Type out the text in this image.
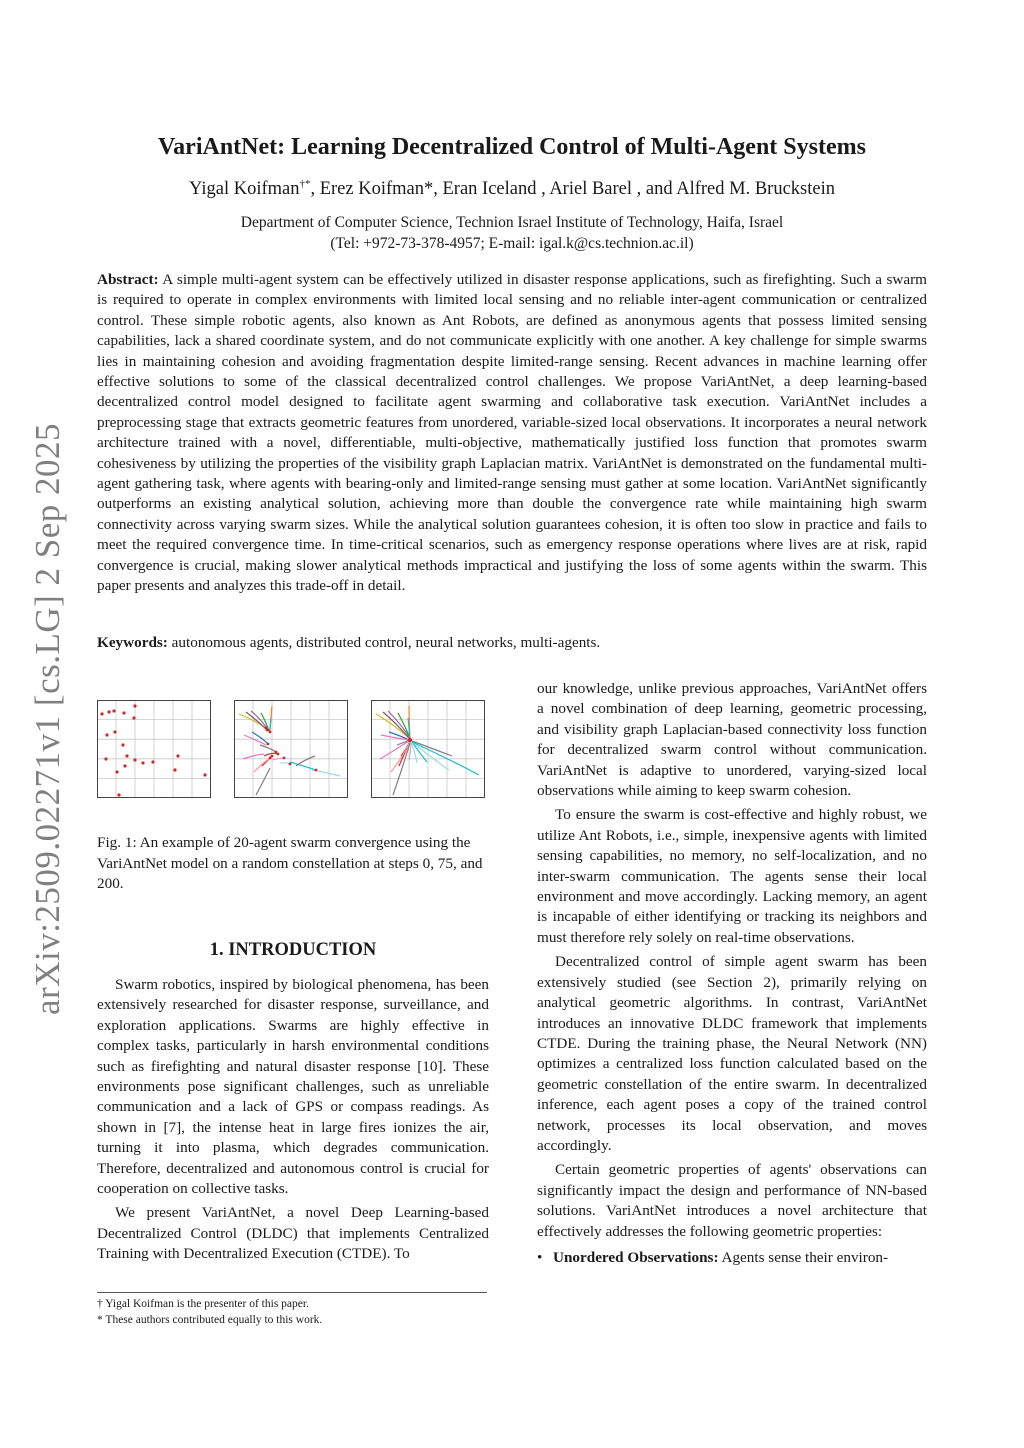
arXiv:2509.02271v1 [cs.LG] 2 Sep 2025
VariAntNet: Learning Decentralized Control of Multi-Agent Systems
Yigal Koifman†*, Erez Koifman*, Eran Iceland , Ariel Barel , and Alfred M. Bruckstein
Department of Computer Science, Technion Israel Institute of Technology, Haifa, Israel
(Tel: +972-73-378-4957; E-mail: igal.k@cs.technion.ac.il)
Abstract: A simple multi-agent system can be effectively utilized in disaster response applications, such as firefighting. Such a swarm is required to operate in complex environments with limited local sensing and no reliable inter-agent communication or centralized control. These simple robotic agents, also known as Ant Robots, are defined as anonymous agents that possess limited sensing capabilities, lack a shared coordinate system, and do not communicate explicitly with one another. A key challenge for simple swarms lies in maintaining cohesion and avoiding fragmentation despite limited-range sensing. Recent advances in machine learning offer effective solutions to some of the classical decentralized control challenges. We propose VariAntNet, a deep learning-based decentralized control model designed to facilitate agent swarming and collaborative task execution. VariAntNet includes a preprocessing stage that extracts geometric features from unordered, variable-sized local observations. It incorporates a neural network architecture trained with a novel, differentiable, multi-objective, mathematically justified loss function that promotes swarm cohesiveness by utilizing the properties of the visibility graph Laplacian matrix. VariAntNet is demonstrated on the fundamental multi-agent gathering task, where agents with bearing-only and limited-range sensing must gather at some location. VariAntNet significantly outperforms an existing analytical solution, achieving more than double the convergence rate while maintaining high swarm connectivity across varying swarm sizes. While the analytical solution guarantees cohesion, it is often too slow in practice and fails to meet the required convergence time. In time-critical scenarios, such as emergency response operations where lives are at risk, rapid convergence is crucial, making slower analytical methods impractical and justifying the loss of some agents within the swarm. This paper presents and analyzes this trade-off in detail.
Keywords: autonomous agents, distributed control, neural networks, multi-agents.
Fig. 1: An example of 20-agent swarm convergence using the VariAntNet model on a random constellation at steps 0, 75, and 200.
1. INTRODUCTION

Swarm robotics, inspired by biological phenomena, has been extensively researched for disaster response, surveillance, and exploration applications. Swarms are highly effective in complex tasks, particularly in harsh environmental conditions such as firefighting and natural disaster response [10]. These environments pose significant challenges, such as unreliable communication and a lack of GPS or compass readings. As shown in [7], the intense heat in large fires ionizes the air, turning it into plasma, which degrades communication. Therefore, decentralized and autonomous control is crucial for cooperation on collective tasks.

We present VariAntNet, a novel Deep Learning-based Decentralized Control (DLDC) that implements Centralized Training with Decentralized Execution (CTDE). To

† Yigal Koifman is the presenter of this paper.
* These authors contributed equally to this work.

our knowledge, unlike previous approaches, VariAntNet offers a novel combination of deep learning, geometric processing, and visibility graph Laplacian-based connectivity loss function for decentralized swarm control without communication. VariAntNet is adaptive to unordered, varying-sized local observations while aiming to keep swarm cohesion.

To ensure the swarm is cost-effective and highly robust, we utilize Ant Robots, i.e., simple, inexpensive agents with limited sensing capabilities, no memory, no self-localization, and no inter-swarm communication. The agents sense their local environment and move accordingly. Lacking memory, an agent is incapable of either identifying or tracking its neighbors and must therefore rely solely on real-time observations.

Decentralized control of simple agent swarm has been extensively studied (see Section 2), primarily relying on analytical geometric algorithms. In contrast, VariAntNet introduces an innovative DLDC framework that implements CTDE. During the training phase, the Neural Network (NN) optimizes a centralized loss function calculated based on the geometric constellation of the entire swarm. In decentralized inference, each agent poses a copy of the trained control network, processes its local observation, and moves accordingly.

Certain geometric properties of agents' observations can significantly impact the design and performance of NN-based solutions. VariAntNet introduces a novel architecture that effectively addresses the following geometric properties:

• Unordered Observations: Agents sense their environ-
